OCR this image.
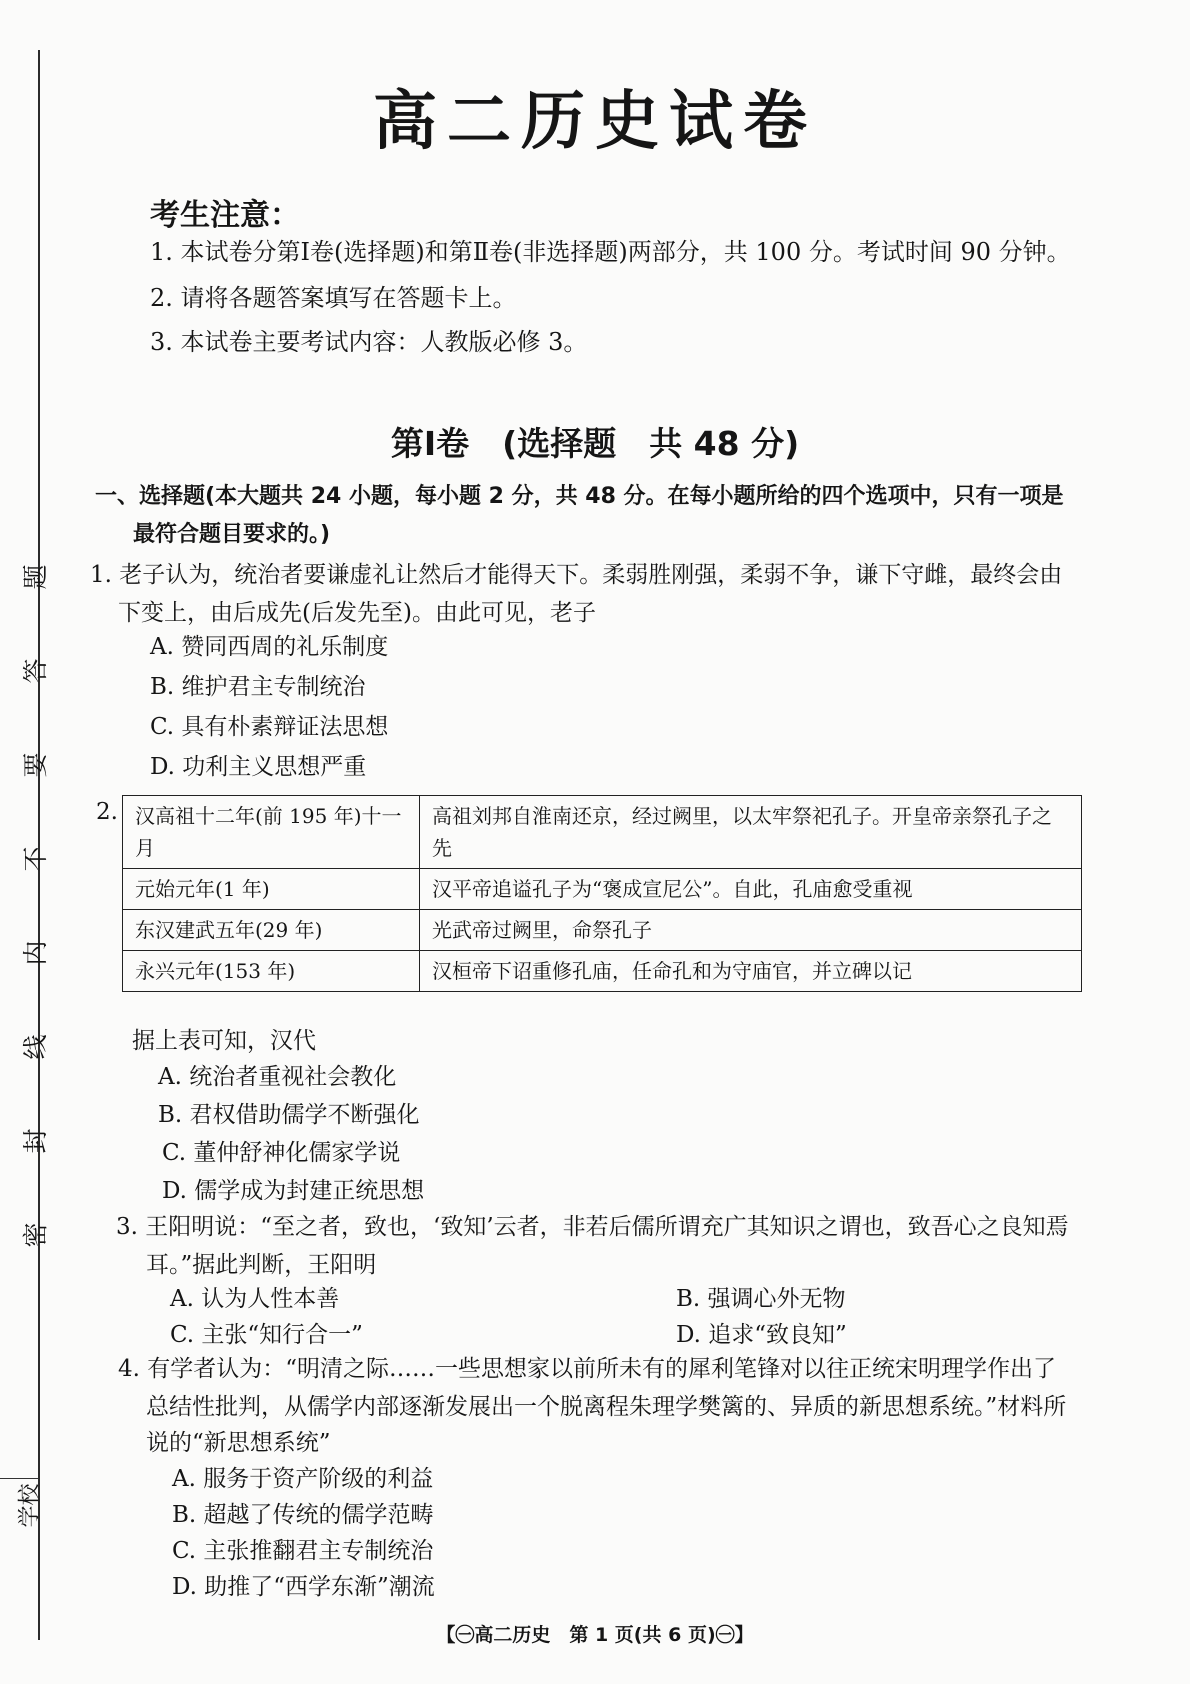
题
答
要
不
内
线
封
密
学校
高二历史试卷
考生注意：
1. 本试卷分第Ⅰ卷(选择题)和第Ⅱ卷(非选择题)两部分，共 100 分。考试时间 90 分钟。
2. 请将各题答案填写在答题卡上。
3. 本试卷主要考试内容：人教版必修 3。
第Ⅰ卷　(选择题　共 48 分)
一、选择题(本大题共 24 小题，每小题 2 分，共 48 分。在每小题所给的四个选项中，只有一项是
最符合题目要求的。)
1. 老子认为，统治者要谦虚礼让然后才能得天下。柔弱胜刚强，柔弱不争，谦下守雌，最终会由
下变上，由后成先(后发先至)。由此可见，老子
A. 赞同西周的礼乐制度
B. 维护君主专制统治
C. 具有朴素辩证法思想
D. 功利主义思想严重
2. 汉高祖十二年(前 195 年)十一月	高祖刘邦自淮南还京，经过阙里，以太牢祭祀孔子。开皇帝亲祭孔子之先
元始元年(1 年)	汉平帝追谥孔子为“褒成宣尼公”。自此，孔庙愈受重视
东汉建武五年(29 年)	光武帝过阙里，命祭孔子
永兴元年(153 年)	汉桓帝下诏重修孔庙，任命孔和为守庙官，并立碑以记
据上表可知，汉代
A. 统治者重视社会教化
B. 君权借助儒学不断强化
C. 董仲舒神化儒家学说
D. 儒学成为封建正统思想
3. 王阳明说：“至之者，致也，‘致知’云者，非若后儒所谓充广其知识之谓也，致吾心之良知焉
耳。”据此判断，王阳明
A. 认为人性本善	B. 强调心外无物
C. 主张“知行合一”	D. 追求“致良知”
4. 有学者认为：“明清之际……一些思想家以前所未有的犀利笔锋对以往正统宋明理学作出了
总结性批判，从儒学内部逐渐发展出一个脱离程朱理学樊篱的、异质的新思想系统。”材料所
说的“新思想系统”
A. 服务于资产阶级的利益
B. 超越了传统的儒学范畴
C. 主张推翻君主专制统治
D. 助推了“西学东渐”潮流
【㊀高二历史　第 1 页(共 6 页)㊀】
